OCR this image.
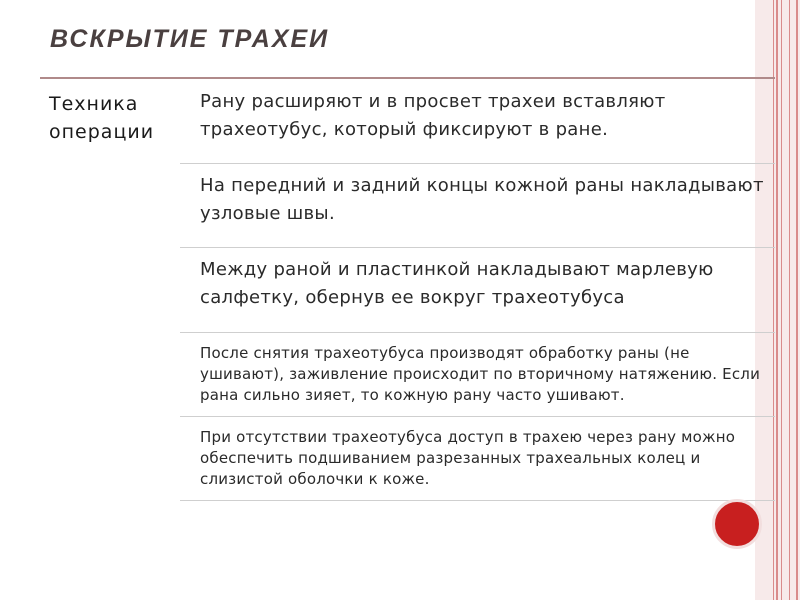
ВСКРЫТИЕ ТРАХЕИ

Техника
операции

Рану расширяют и в просвет трахеи вставляют трахеотубус, который фиксируют в ране.
На передний и задний концы кожной раны накладывают узловые швы.
Между раной и пластинкой накладывают марлевую салфетку, обернув ее вокруг трахеотубуса
После снятия трахеотубуса производят обработку раны (не ушивают), заживление происходит по вторичному натяжению. Если рана сильно зияет, то кожную рану часто ушивают.
При отсутствии трахеотубуса доступ в трахею через рану можно обеспечить подшиванием разрезанных трахеальных колец и слизистой оболочки к коже.
